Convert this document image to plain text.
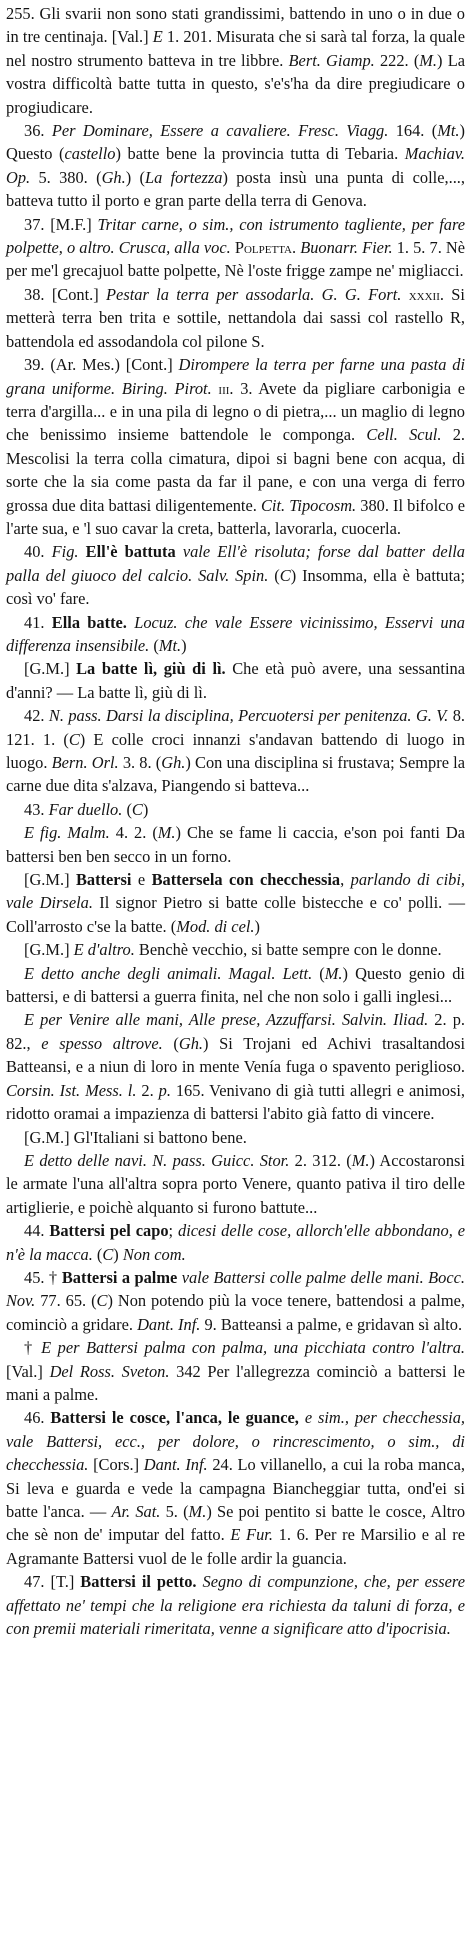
255. Gli svarii non sono stati grandissimi, battendo in uno o in due o in tre centinaja. [Val.] E 1. 201. Misurata che si sarà tal forza, la quale nel nostro strumento batteva in tre libbre. Bert. Giamp. 222. (M.) La vostra difficoltà batte tutta in questo, s'e's'ha da dire pregiudicare o progiudicare.

36. Per Dominare, Essere a cavaliere. Fresc. Viagg. 164. (Mt.) Questo (castello) batte bene la provincia tutta di Tebaria. Machiav. Op. 5. 380. (Gh.) (La fortezza) posta insù una punta di colle,..., batteva tutto il porto e gran parte della terra di Genova.

37. [M.F.] Tritar carne, o sim., con istrumento tagliente, per fare polpette, o altro. Crusca, alla voc. Polpetta. Buonarr. Fier. 1. 5. 7. Nè per me'l grecajuol batte polpette, Nè l'oste frigge zampe ne' migliacci.

38. [Cont.] Pestar la terra per assodarla. G. G. Fort. xxxii. Si metterà terra ben trita e sottile, nettandola dai sassi col rastello R, battendola ed assodandola col pilone S.

39. (Ar. Mes.) [Cont.] Dirompere la terra per farne una pasta di grana uniforme. Biring. Pirot. iii. 3. Avete da pigliare carbonigia e terra d'argilla... e in una pila di legno o di pietra,... un maglio di legno che benissimo insieme battendole le componga. Cell. Scul. 2. Mescolisi la terra colla cimatura, dipoi si bagni bene con acqua, di sorte che la sia come pasta da far il pane, e con una verga di ferro grossa due dita battasi diligentemente. Cit. Tipocosm. 380. Il bifolco e l'arte sua, e 'l suo cavar la creta, batterla, lavorarla, cuocerla.

40. Fig. Ell'è battuta vale Ell'è risoluta; forse dal batter della palla del giuoco del calcio. Salv. Spin. (C) Insomma, ella è battuta; così vo' fare.

41. Ella batte. Locuz. che vale Essere vicinissimo, Esservi una differenza insensibile. (Mt.)

[G.M.] La batte lì, giù di lì. Che età può avere, una sessantina d'anni? — La batte lì, giù di lì.

42. N. pass. Darsi la disciplina, Percuotersi per penitenza. G. V. 8. 121. 1. (C) E colle croci innanzi s'andavan battendo di luogo in luogo. Bern. Orl. 3. 8. (Gh.) Con una disciplina si frustava; Sempre la carne due dita s'alzava, Piangendo si batteva...

43. Far duello. (C)

E fig. Malm. 4. 2. (M.) Che se fame li caccia, e'son poi fanti Da battersi ben ben secco in un forno.

[G.M.] Battersi e Battersela con checchessia, parlando di cibi, vale Dirsela. Il signor Pietro si batte colle bistecche e co' polli. — Coll'arrosto c'se la batte. (Mod. di cel.)

[G.M.] E d'altro. Benchè vecchio, si batte sempre con le donne.

E detto anche degli animali. Magal. Lett. (M.) Questo genio di battersi, e di battersi a guerra finita, nel che non solo i galli inglesi...

E per Venire alle mani, Alle prese, Azzuffarsi. Salvin. Iliad. 2. p. 82., e spesso altrove. (Gh.) Si Trojani ed Achivi trasaltandosi Batteansi, e a niun di loro in mente Venía fuga o spavento periglioso. Corsin. Ist. Mess. l. 2. p. 165. Venivano di già tutti allegri e animosi, ridotto oramai a impazienza di battersi l'abito già fatto di vincere.

[G.M.] Gl'Italiani si battono bene.

E detto delle navi. N. pass. Guicc. Stor. 2. 312. (M.) Accostaronsi le armate l'una all'altra sopra porto Venere, quanto pativa il tiro delle artiglierie, e poichè alquanto si furono battute...

44. Battersi pel capo; dicesi delle cose, allorch'elle abbondano, e n'è la macca. (C) Non com.

45. † Battersi a palme vale Battersi colle palme delle mani. Bocc. Nov. 77. 65. (C) Non potendo più la voce tenere, battendosi a palme, cominciò a gridare. Dant. Inf. 9. Batteansi a palme, e gridavan sì alto.

† E per Battersi palma con palma, una picchiata contro l'altra. [Val.] Del Ross. Sveton. 342 Per l'allegrezza cominciò a battersi le mani a palme.

46. Battersi le cosce, l'anca, le guance, e sim., per checchessia, vale Battersi, ecc., per dolore, o rincrescimento, o sim., di checchessia. [Cors.] Dant. Inf. 24. Lo villanello, a cui la roba manca, Si leva e guarda e vede la campagna Biancheggiar tutta, ond'ei si batte l'anca. — Ar. Sat. 5. (M.) Se poi pentito si batte le cosce, Altro che sè non de' imputar del fatto. E Fur. 1. 6. Per re Marsilio e al re Agramante Battersi vuol de le folle ardir la guancia.

47. [T.] Battersi il petto. Segno di compunzione, che, per essere affettato ne' tempi che la religione era richiesta da taluni di forza, e con premii materiali rimeritata, venne a significare atto d'ipocrisia.
